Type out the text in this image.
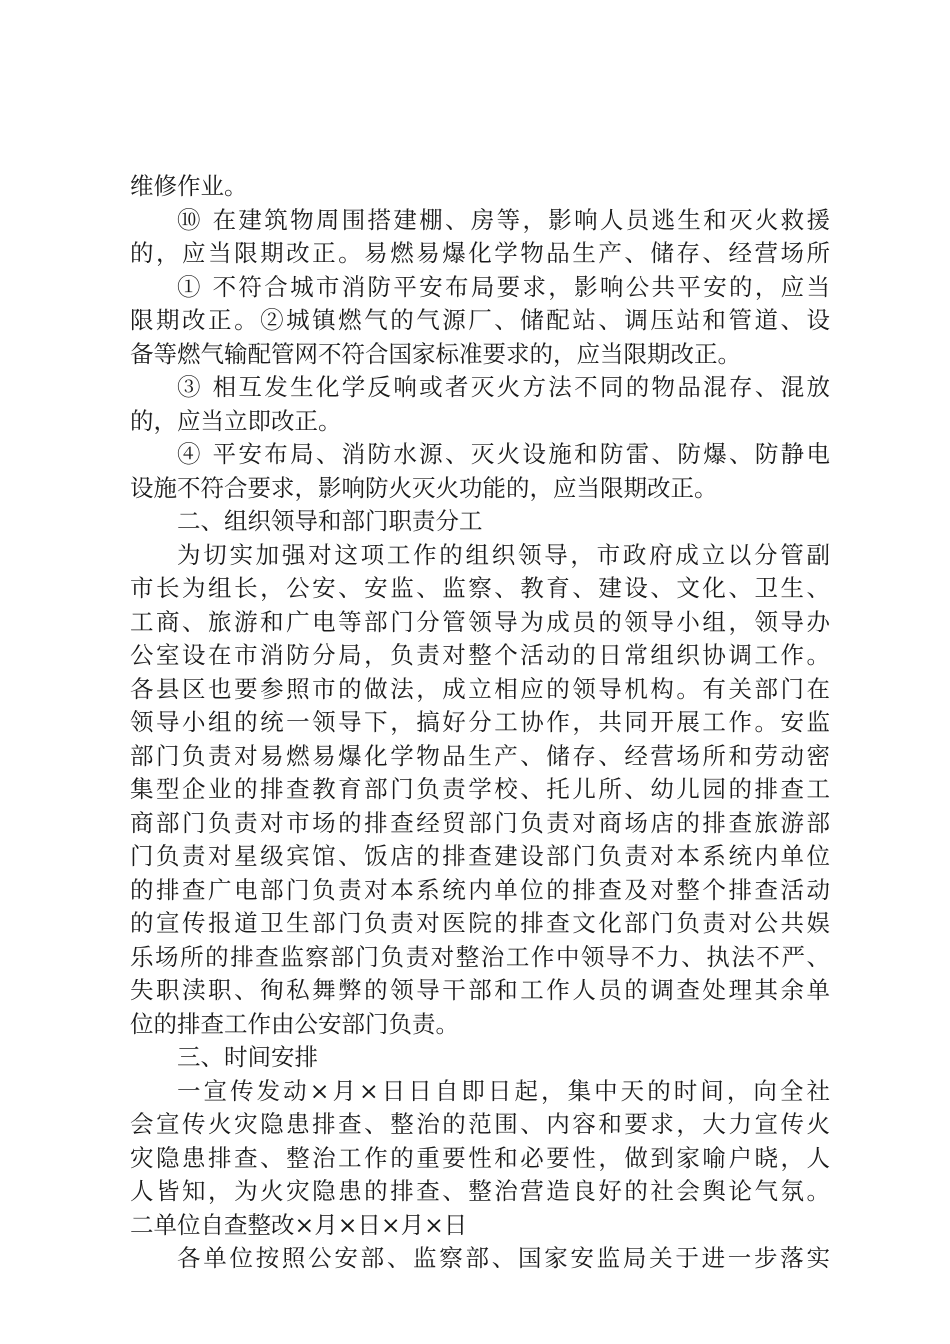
维修作业。
⑩ 在建筑物周围搭建棚、房等，影响人员逃生和灭火救援
的，应当限期改正。易燃易爆化学物品生产、储存、经营场所
① 不符合城市消防平安布局要求，影响公共平安的，应当
限期改正。②城镇燃气的气源厂、储配站、调压站和管道、设
备等燃气输配管网不符合国家标准要求的，应当限期改正。
③ 相互发生化学反响或者灭火方法不同的物品混存、混放
的，应当立即改正。
④ 平安布局、消防水源、灭火设施和防雷、防爆、防静电
设施不符合要求，影响防火灭火功能的，应当限期改正。
二、组织领导和部门职责分工
为切实加强对这项工作的组织领导，市政府成立以分管副
市长为组长，公安、安监、监察、教育、建设、文化、卫生、
工商、旅游和广电等部门分管领导为成员的领导小组，领导办
公室设在市消防分局，负责对整个活动的日常组织协调工作。
各县区也要参照市的做法，成立相应的领导机构。有关部门在
领导小组的统一领导下，搞好分工协作，共同开展工作。安监
部门负责对易燃易爆化学物品生产、储存、经营场所和劳动密
集型企业的排查教育部门负责学校、托儿所、幼儿园的排查工
商部门负责对市场的排查经贸部门负责对商场店的排查旅游部
门负责对星级宾馆、饭店的排查建设部门负责对本系统内单位
的排查广电部门负责对本系统内单位的排查及对整个排查活动
的宣传报道卫生部门负责对医院的排查文化部门负责对公共娱
乐场所的排查监察部门负责对整治工作中领导不力、执法不严、
失职渎职、徇私舞弊的领导干部和工作人员的调查处理其余单
位的排查工作由公安部门负责。
三、时间安排
一宣传发动×月×日日自即日起，集中天的时间，向全社
会宣传火灾隐患排查、整治的范围、内容和要求，大力宣传火
灾隐患排查、整治工作的重要性和必要性，做到家喻户晓，人
人皆知，为火灾隐患的排查、整治营造良好的社会舆论气氛。
二单位自查整改×月×日×月×日
各单位按照公安部、监察部、国家安监局关于进一步落实
